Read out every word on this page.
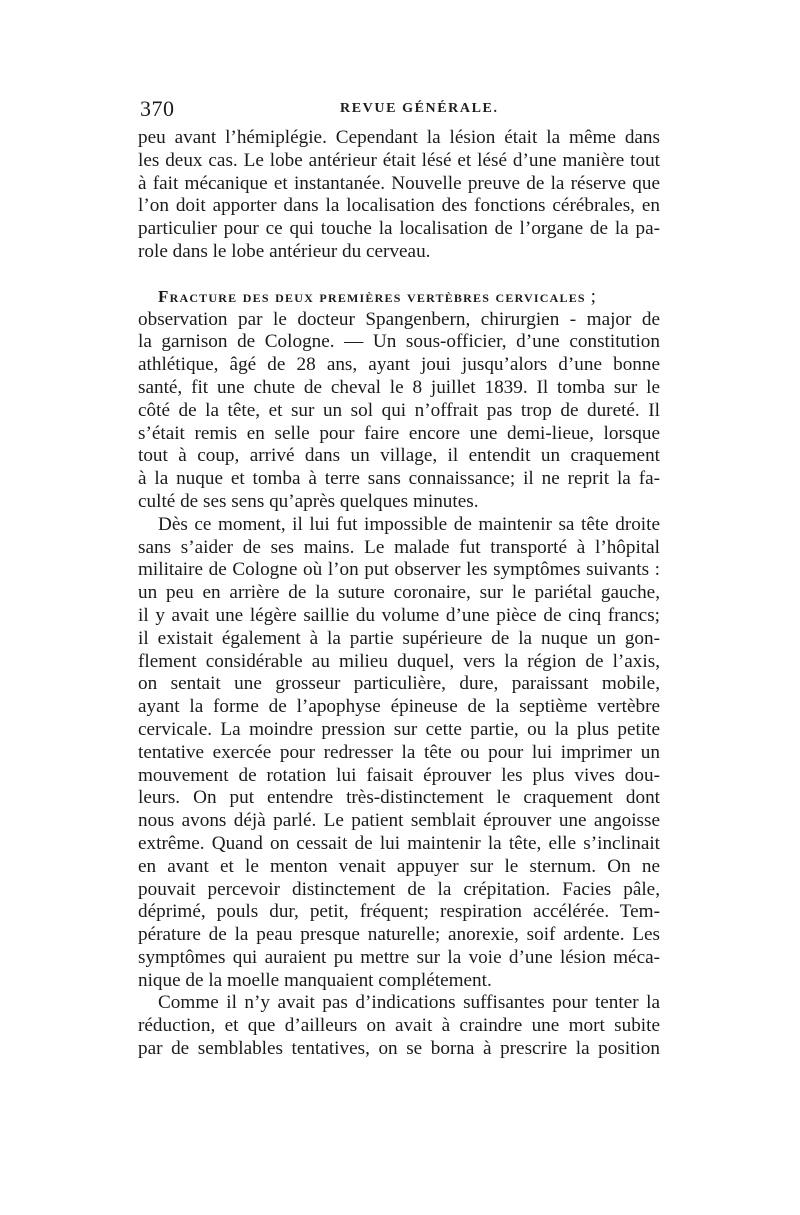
370	REVUE GÉNÉRALE.
peu avant l’hémiplégie. Cependant la lésion était la même dans
les deux cas. Le lobe antérieur était lésé et lésé d’une manière tout
à fait mécanique et instantanée. Nouvelle preuve de la réserve que
l’on doit apporter dans la localisation des fonctions cérébrales, en
particulier pour ce qui touche la localisation de l’organe de la pa-
role dans le lobe antérieur du cerveau.
Fracture des deux premières vertèbres cervicales ;
observation par le docteur Spangenbern, chirurgien - major de
la garnison de Cologne. — Un sous-officier, d’une constitution
athlétique, âgé de 28 ans, ayant joui jusqu’alors d’une bonne
santé, fit une chute de cheval le 8 juillet 1839. Il tomba sur le
côté de la tête, et sur un sol qui n’offrait pas trop de dureté. Il
s’était remis en selle pour faire encore une demi-lieue, lorsque
tout à coup, arrivé dans un village, il entendit un craquement
à la nuque et tomba à terre sans connaissance; il ne reprit la fa-
culté de ses sens qu’après quelques minutes.
Dès ce moment, il lui fut impossible de maintenir sa tête droite
sans s’aider de ses mains. Le malade fut transporté à l’hôpital
militaire de Cologne où l’on put observer les symptômes suivants :
un peu en arrière de la suture coronaire, sur le pariétal gauche,
il y avait une légère saillie du volume d’une pièce de cinq francs;
il existait également à la partie supérieure de la nuque un gon-
flement considérable au milieu duquel, vers la région de l’axis,
on sentait une grosseur particulière, dure, paraissant mobile,
ayant la forme de l’apophyse épineuse de la septième vertèbre
cervicale. La moindre pression sur cette partie, ou la plus petite
tentative exercée pour redresser la tête ou pour lui imprimer un
mouvement de rotation lui faisait éprouver les plus vives dou-
leurs. On put entendre très-distinctement le craquement dont
nous avons déjà parlé. Le patient semblait éprouver une angoisse
extrême. Quand on cessait de lui maintenir la tête, elle s’inclinait
en avant et le menton venait appuyer sur le sternum. On ne
pouvait percevoir distinctement de la crépitation. Facies pâle,
déprimé, pouls dur, petit, fréquent; respiration accélérée. Tem-
pérature de la peau presque naturelle; anorexie, soif ardente. Les
symptômes qui auraient pu mettre sur la voie d’une lésion méca-
nique de la moelle manquaient complétement.
Comme il n’y avait pas d’indications suffisantes pour tenter la
réduction, et que d’ailleurs on avait à craindre une mort subite
par de semblables tentatives, on se borna à prescrire la position
